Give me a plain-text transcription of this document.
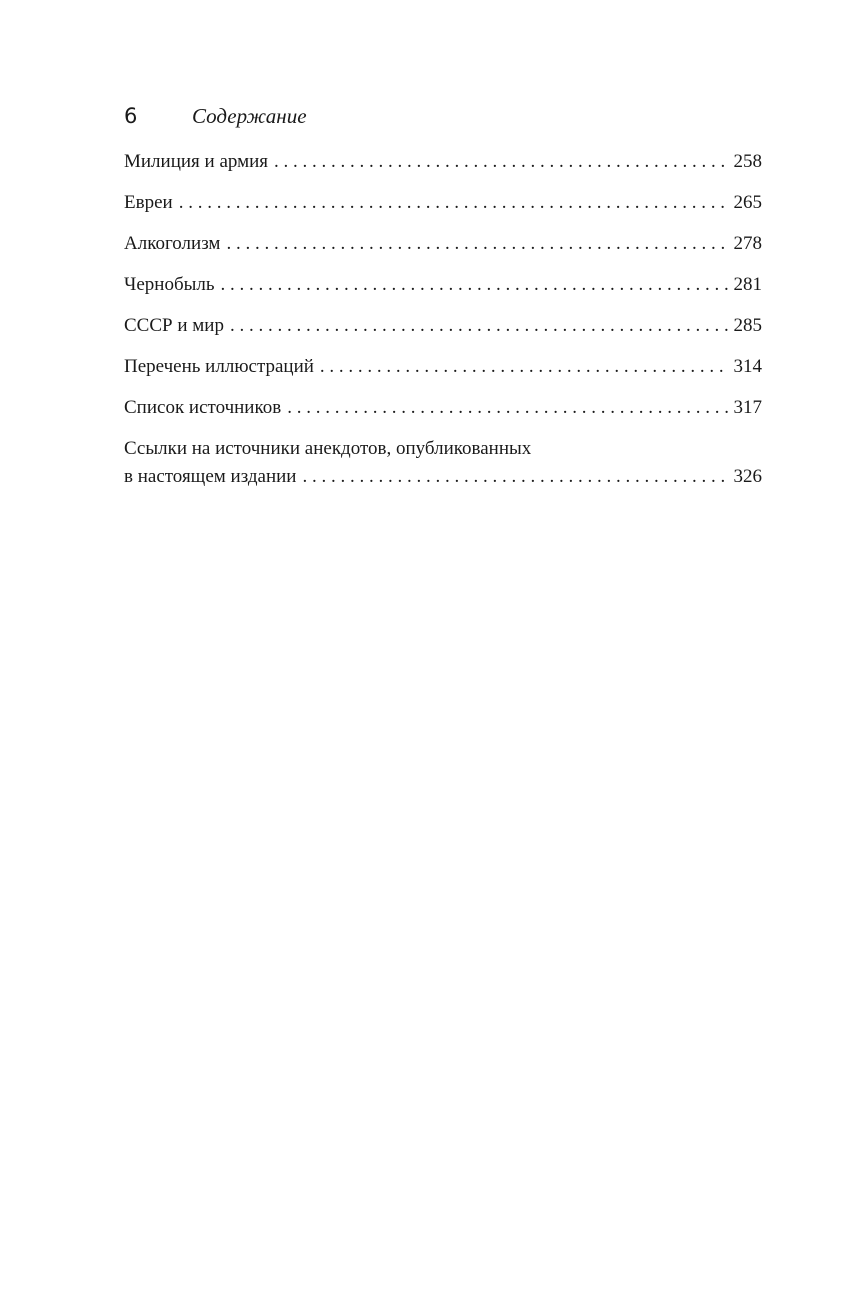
6	Содержание
Милиция и армия . . .	258
Евреи . . .	265
Алкоголизм . . .	278
Чернобыль . . .	281
СССР и мир . . .	285
Перечень иллюстраций . . .	314
Список источников . . .	317
Ссылки на источники анекдотов, опубликованных
в настоящем издании . . .	326
